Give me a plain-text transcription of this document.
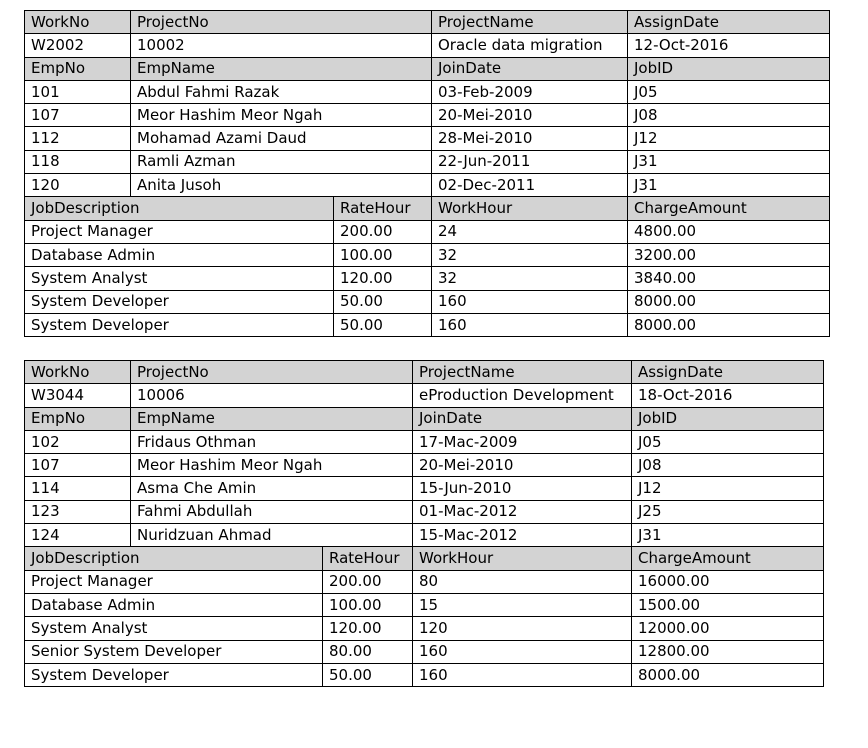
WorkNo	ProjectNo		ProjectName	AssignDate
W2002	10002		Oracle data migration	12-Oct-2016
EmpNo	EmpName		JoinDate	JobID
101	Abdul Fahmi Razak		03-Feb-2009	J05
107	Meor Hashim Meor Ngah		20-Mei-2010	J08
112	Mohamad Azami Daud		28-Mei-2010	J12
118	Ramli Azman		22-Jun-2011	J31
120	Anita Jusoh		02-Dec-2011	J31
JobDescription		RateHour	WorkHour	ChargeAmount
Project Manager		200.00	24	4800.00
Database Admin		100.00	32	3200.00
System Analyst		120.00	32	3840.00
System Developer		50.00	160	8000.00
System Developer		50.00	160	8000.00
WorkNo	ProjectNo		ProjectName	AssignDate
W3044	10006		eProduction Development	18-Oct-2016
EmpNo	EmpName		JoinDate	JobID
102	Fridaus Othman		17-Mac-2009	J05
107	Meor Hashim Meor Ngah		20-Mei-2010	J08
114	Asma Che Amin		15-Jun-2010	J12
123	Fahmi Abdullah		01-Mac-2012	J25
124	Nuridzuan Ahmad		15-Mac-2012	J31
JobDescription		RateHour	WorkHour	ChargeAmount
Project Manager		200.00	80	16000.00
Database Admin		100.00	15	1500.00
System Analyst		120.00	120	12000.00
Senior System Developer		80.00	160	12800.00
System Developer		50.00	160	8000.00
